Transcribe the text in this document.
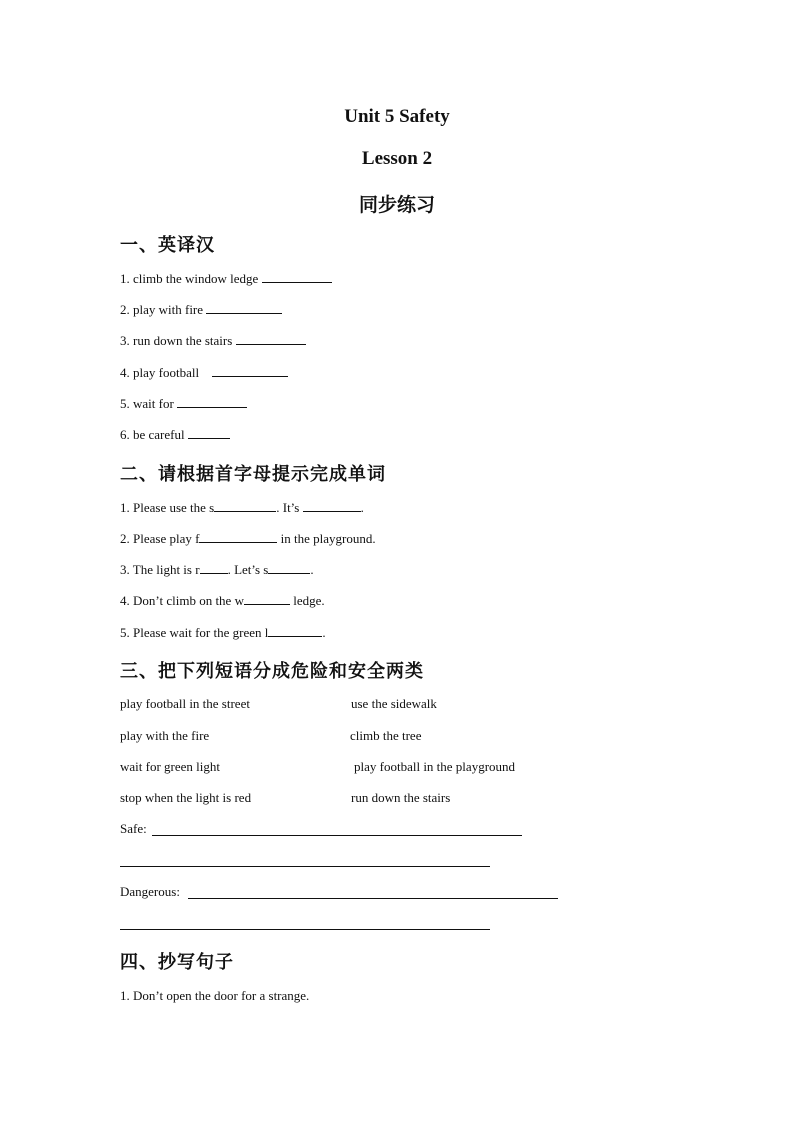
Unit 5 Safety
Lesson 2
同步练习
一、英译汉
1. climb the window ledge
2. play with fire
3. run down the stairs
4. play football
5. wait for
6. be careful
二、请根据首字母提示完成单词
1. Please use the s	. It’s	.
2. Please play f	in the playground.
3. The light is r . Let’s s	.
4. Don’t climb on the w	ledge.
5. Please wait for the green l	.
三、把下列短语分成危险和安全两类
play football in the street	use the sidewalk
play with the fire	climb the tree
wait for green light	play football in the playground
stop when the light is red	run down the stairs
Safe:
Dangerous:
四、抄写句子
1. Don’t open the door for a strange.
